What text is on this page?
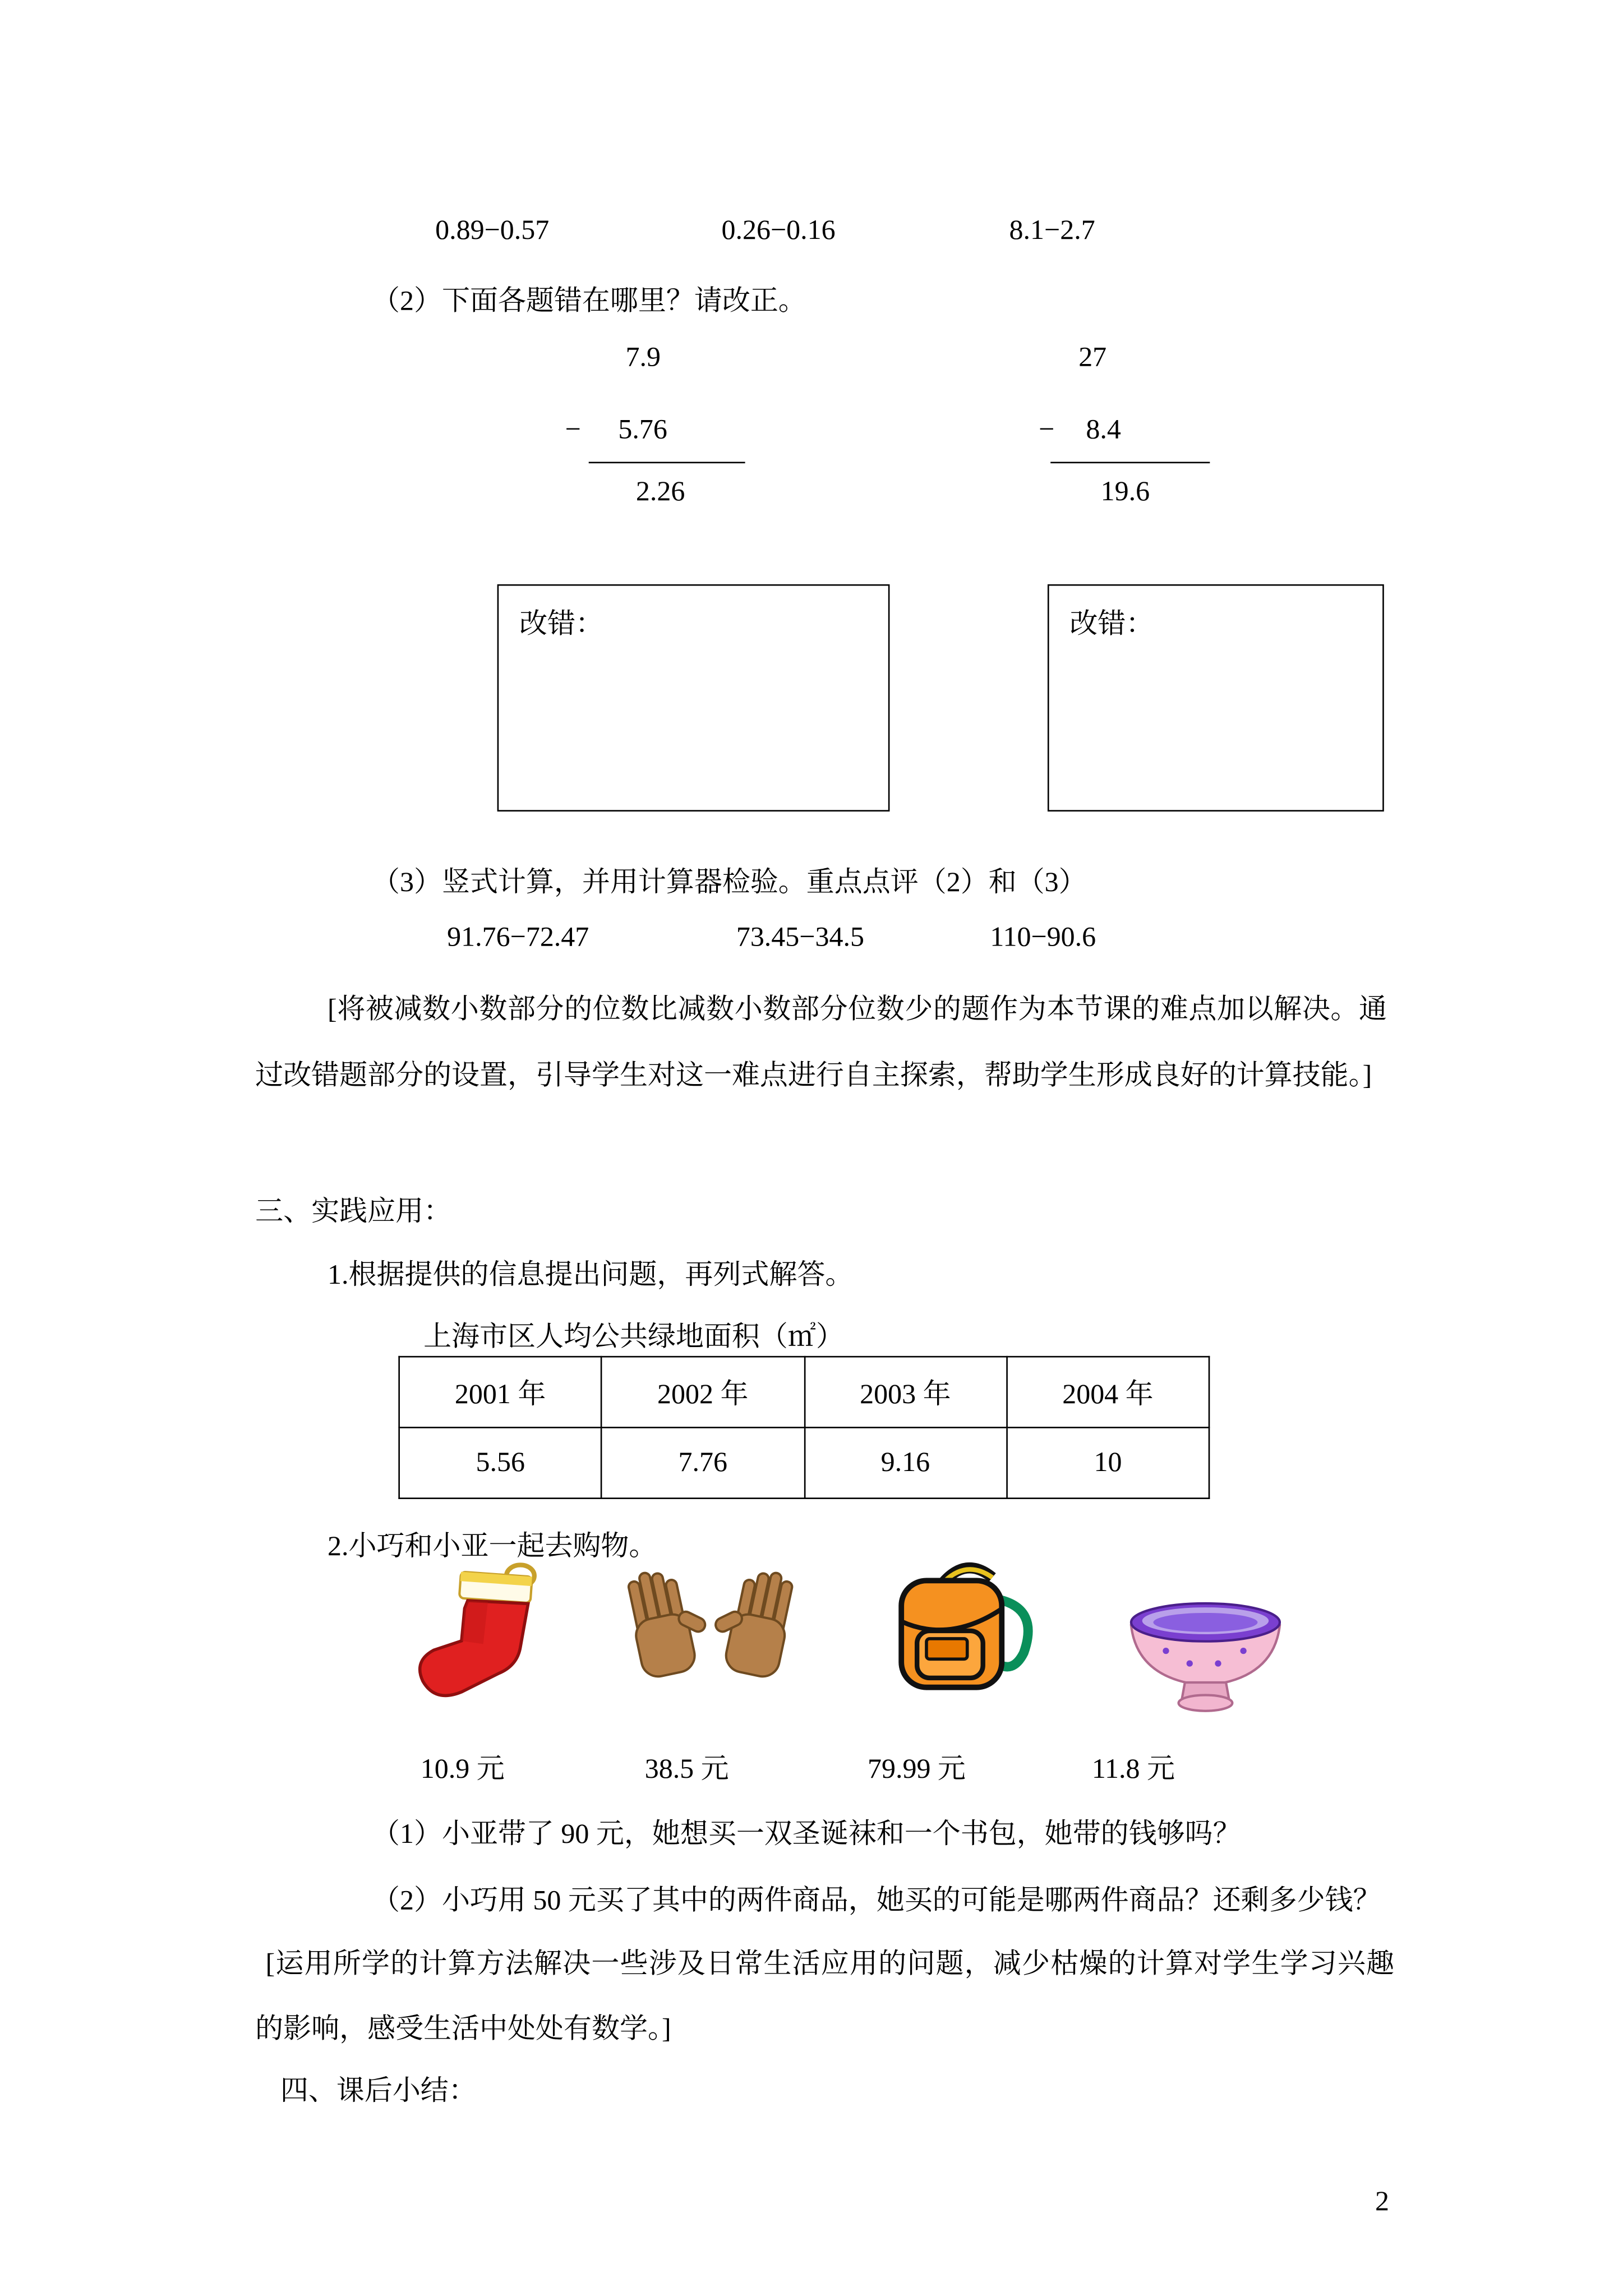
0.89−0.57	0.26−0.16	8.1−2.7
（2）下面各题错在哪里？请改正。
7.9
−	5.76
2.26
27
−	8.4
19.6
改错：	改错：
（3）竖式计算，并用计算器检验。重点点评（2）和（3）
91.76−72.47	73.45−34.5	110−90.6
[将被减数小数部分的位数比减数小数部分位数少的题作为本节课的难点加以解决。通过改错题部分的设置，引导学生对这一难点进行自主探索，帮助学生形成良好的计算技能。]
三、实践应用：
1.根据提供的信息提出问题，再列式解答。
上海市区人均公共绿地面积（㎡）
2001 年	2002 年	2003 年	2004 年
5.56	7.76	9.16	10
2.小巧和小亚一起去购物。
10.9 元	38.5 元	79.99 元	11.8 元
（1）小亚带了 90 元，她想买一双圣诞袜和一个书包，她带的钱够吗？
（2）小巧用 50 元买了其中的两件商品，她买的可能是哪两件商品？还剩多少钱？
[运用所学的计算方法解决一些涉及日常生活应用的问题，减少枯燥的计算对学生学习兴趣的影响，感受生活中处处有数学。]
四、课后小结：
2
